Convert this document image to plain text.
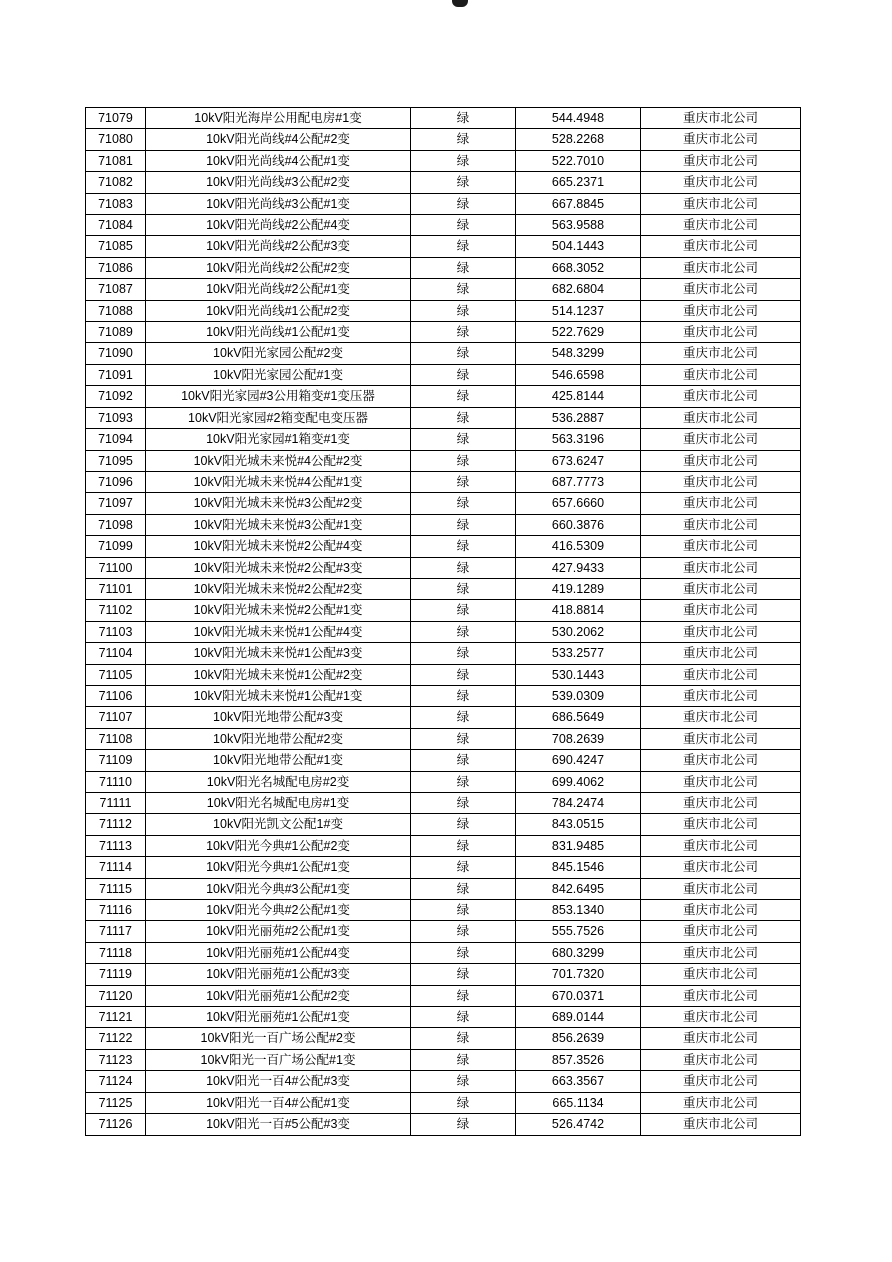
71079	10kV阳光海岸公用配电房#1变	绿	544.4948	重庆市北公司
71080	10kV阳光尚线#4公配#2变	绿	528.2268	重庆市北公司
71081	10kV阳光尚线#4公配#1变	绿	522.7010	重庆市北公司
71082	10kV阳光尚线#3公配#2变	绿	665.2371	重庆市北公司
71083	10kV阳光尚线#3公配#1变	绿	667.8845	重庆市北公司
71084	10kV阳光尚线#2公配#4变	绿	563.9588	重庆市北公司
71085	10kV阳光尚线#2公配#3变	绿	504.1443	重庆市北公司
71086	10kV阳光尚线#2公配#2变	绿	668.3052	重庆市北公司
71087	10kV阳光尚线#2公配#1变	绿	682.6804	重庆市北公司
71088	10kV阳光尚线#1公配#2变	绿	514.1237	重庆市北公司
71089	10kV阳光尚线#1公配#1变	绿	522.7629	重庆市北公司
71090	10kV阳光家园公配#2变	绿	548.3299	重庆市北公司
71091	10kV阳光家园公配#1变	绿	546.6598	重庆市北公司
71092	10kV阳光家园#3公用箱变#1变压器	绿	425.8144	重庆市北公司
71093	10kV阳光家园#2箱变配电变压器	绿	536.2887	重庆市北公司
71094	10kV阳光家园#1箱变#1变	绿	563.3196	重庆市北公司
71095	10kV阳光城未来悦#4公配#2变	绿	673.6247	重庆市北公司
71096	10kV阳光城未来悦#4公配#1变	绿	687.7773	重庆市北公司
71097	10kV阳光城未来悦#3公配#2变	绿	657.6660	重庆市北公司
71098	10kV阳光城未来悦#3公配#1变	绿	660.3876	重庆市北公司
71099	10kV阳光城未来悦#2公配#4变	绿	416.5309	重庆市北公司
71100	10kV阳光城未来悦#2公配#3变	绿	427.9433	重庆市北公司
71101	10kV阳光城未来悦#2公配#2变	绿	419.1289	重庆市北公司
71102	10kV阳光城未来悦#2公配#1变	绿	418.8814	重庆市北公司
71103	10kV阳光城未来悦#1公配#4变	绿	530.2062	重庆市北公司
71104	10kV阳光城未来悦#1公配#3变	绿	533.2577	重庆市北公司
71105	10kV阳光城未来悦#1公配#2变	绿	530.1443	重庆市北公司
71106	10kV阳光城未来悦#1公配#1变	绿	539.0309	重庆市北公司
71107	10kV阳光地带公配#3变	绿	686.5649	重庆市北公司
71108	10kV阳光地带公配#2变	绿	708.2639	重庆市北公司
71109	10kV阳光地带公配#1变	绿	690.4247	重庆市北公司
71110	10kV阳光名城配电房#2变	绿	699.4062	重庆市北公司
71111	10kV阳光名城配电房#1变	绿	784.2474	重庆市北公司
71112	10kV阳光凯文公配1#变	绿	843.0515	重庆市北公司
71113	10kV阳光今典#1公配#2变	绿	831.9485	重庆市北公司
71114	10kV阳光今典#1公配#1变	绿	845.1546	重庆市北公司
71115	10kV阳光今典#3公配#1变	绿	842.6495	重庆市北公司
71116	10kV阳光今典#2公配#1变	绿	853.1340	重庆市北公司
71117	10kV阳光丽苑#2公配#1变	绿	555.7526	重庆市北公司
71118	10kV阳光丽苑#1公配#4变	绿	680.3299	重庆市北公司
71119	10kV阳光丽苑#1公配#3变	绿	701.7320	重庆市北公司
71120	10kV阳光丽苑#1公配#2变	绿	670.0371	重庆市北公司
71121	10kV阳光丽苑#1公配#1变	绿	689.0144	重庆市北公司
71122	10kV阳光一百广场公配#2变	绿	856.2639	重庆市北公司
71123	10kV阳光一百广场公配#1变	绿	857.3526	重庆市北公司
71124	10kV阳光一百4#公配#3变	绿	663.3567	重庆市北公司
71125	10kV阳光一百4#公配#1变	绿	665.1134	重庆市北公司
71126	10kV阳光一百#5公配#3变	绿	526.4742	重庆市北公司
